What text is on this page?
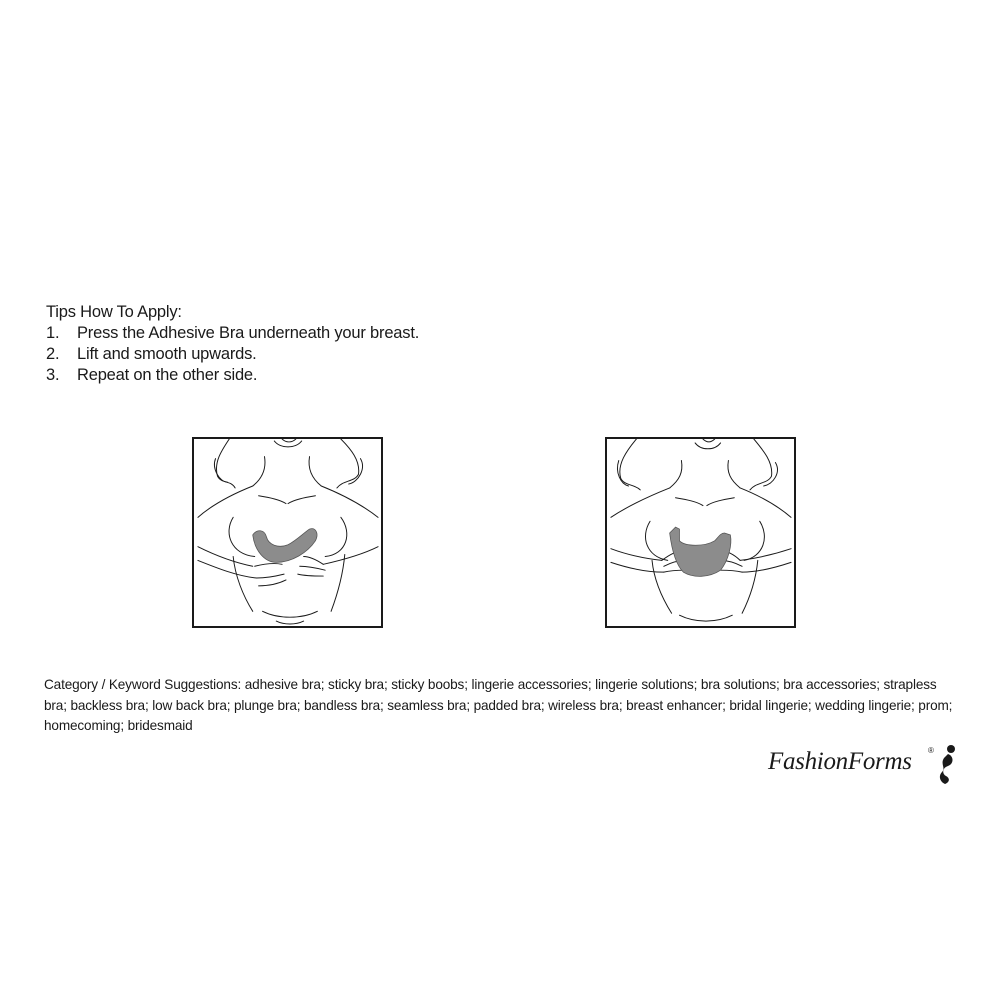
Tips How To Apply:
1.	Press the Adhesive Bra underneath your breast.
2.	Lift and smooth upwards.
3.	Repeat on the other side.
Category / Keyword Suggestions: adhesive bra; sticky bra; sticky boobs; lingerie accessories; lingerie solutions; bra solutions; bra accessories; strapless bra; backless bra; low back bra; plunge bra; bandless bra; seamless bra; padded bra; wireless bra; breast enhancer; bridal lingerie; wedding lingerie; prom; homecoming; bridesmaid
FashionForms ®
